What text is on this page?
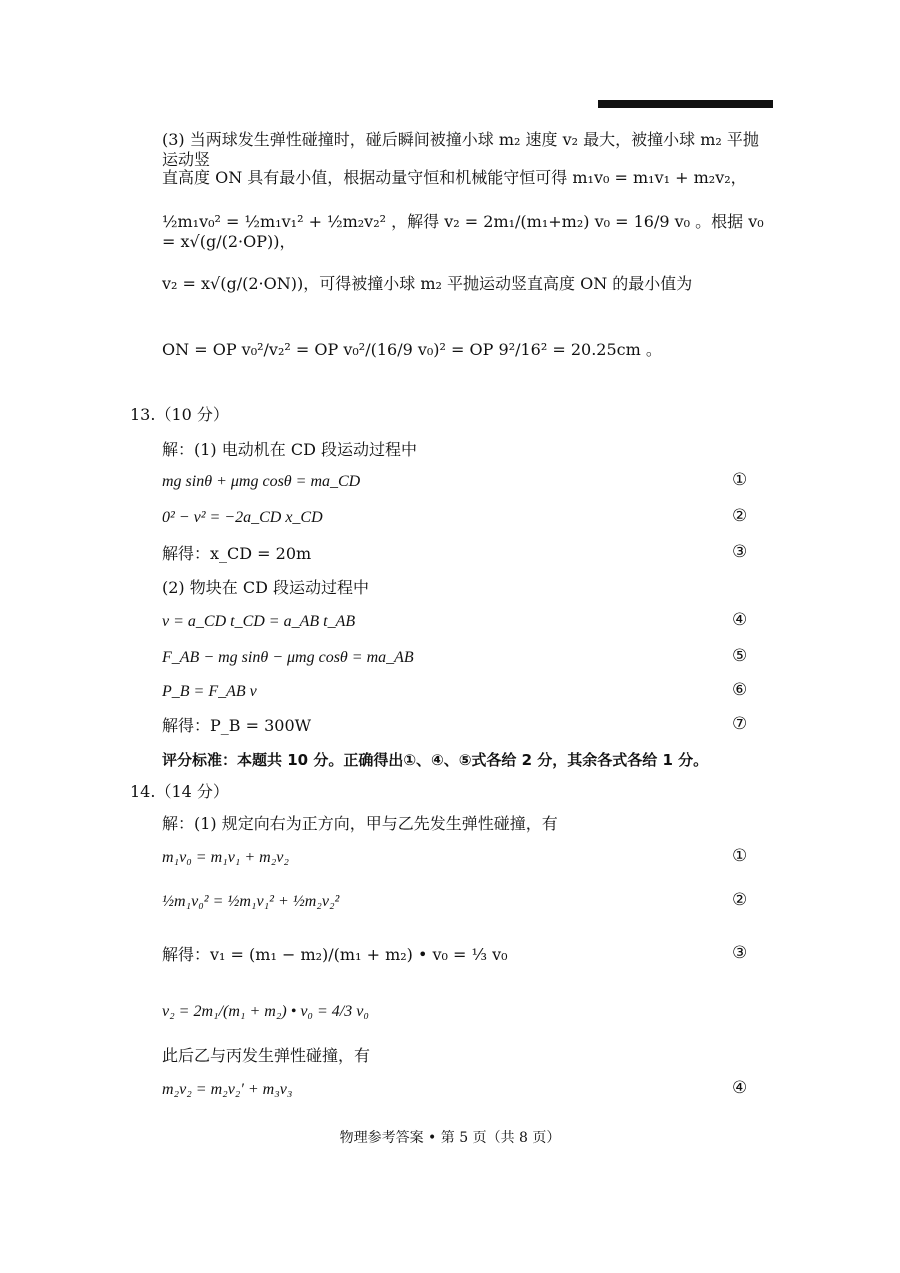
(3) 当两球发生弹性碰撞时，碰后瞬间被撞小球 m₂ 速度 v₂ 最大，被撞小球 m₂ 平抛运动竖
直高度 ON 具有最小值，根据动量守恒和机械能守恒可得 m₁v₀ = m₁v₁ + m₂v₂，
½m₁v₀² = ½m₁v₁² + ½m₂v₂² ，解得 v₂ = 2m₁/(m₁+m₂) v₀ = 16/9 v₀ 。根据 v₀ = x√(g/(2·OP))，
v₂ = x√(g/(2·ON))，可得被撞小球 m₂ 平抛运动竖直高度 ON 的最小值为
ON = OP v₀²/v₂² = OP v₀²/(16/9 v₀)² = OP 9²/16² = 20.25cm 。
13.（10 分）
解：(1) 电动机在 CD 段运动过程中
mg sinθ + μmg cosθ = ma_CD	①
0² − v² = −2a_CD x_CD	②
解得：x_CD = 20m	③
(2) 物块在 CD 段运动过程中
v = a_CD t_CD = a_AB t_AB	④
F_AB − mg sinθ − μmg cosθ = ma_AB	⑤
P_B = F_AB v	⑥
解得：P_B = 300W	⑦
评分标准：本题共 10 分。正确得出①、④、⑤式各给 2 分，其余各式各给 1 分。
14.（14 分）
解：(1) 规定向右为正方向，甲与乙先发生弹性碰撞，有
m₁v₀ = m₁v₁ + m₂v₂	①
½m₁v₀² = ½m₁v₁² + ½m₂v₂²	②
解得：v₁ = (m₁ − m₂)/(m₁ + m₂) • v₀ = ⅓ v₀	③
v₂ = 2m₁/(m₁ + m₂) • v₀ = 4/3 v₀
此后乙与丙发生弹性碰撞，有
m₂v₂ = m₂v₂′ + m₃v₃	④
物理参考答案 • 第 5 页（共 8 页）
